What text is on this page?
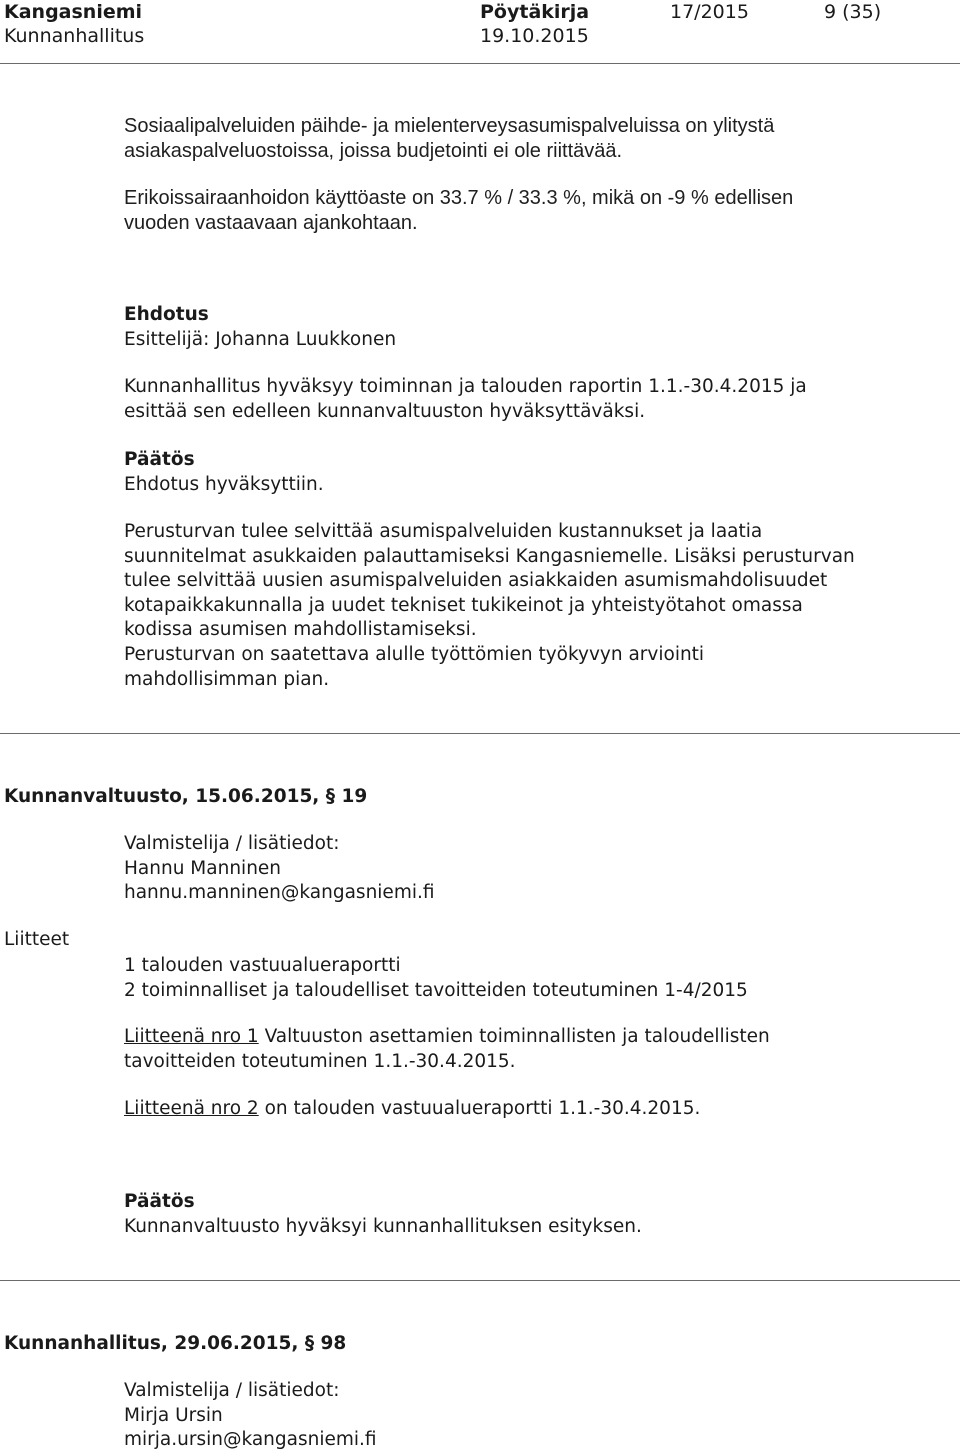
Kangasniemi	Pöytäkirja	17/2015	9 (35)
Kunnanhallitus	19.10.2015
Sosiaalipalveluiden päihde- ja mielenterveysasumispalveluissa on ylitystä
asiakaspalveluostoissa, joissa budjetointi ei ole riittävää.
Erikoissairaanhoidon käyttöaste on 33.7 % / 33.3 %, mikä on -9 % edellisen
vuoden vastaavaan ajankohtaan.
Ehdotus
Esittelijä: Johanna Luukkonen
Kunnanhallitus hyväksyy toiminnan ja talouden raportin 1.1.-30.4.2015 ja
esittää sen edelleen kunnanvaltuuston hyväksyttäväksi.
Päätös
Ehdotus hyväksyttiin.
Perusturvan tulee selvittää asumispalveluiden kustannukset ja laatia
suunnitelmat asukkaiden palauttamiseksi Kangasniemelle. Lisäksi perusturvan
tulee selvittää uusien asumispalveluiden asiakkaiden asumismahdolisuudet
kotapaikkakunnalla ja uudet tekniset tukikeinot ja yhteistyötahot omassa
kodissa asumisen mahdollistamiseksi.
Perusturvan on saatettava alulle työttömien työkyvyn arviointi
mahdollisimman pian.
Kunnanvaltuusto, 15.06.2015, § 19
Valmistelija / lisätiedot:
Hannu Manninen
hannu.manninen@kangasniemi.fi
Liitteet
1 talouden vastuualueraportti
2 toiminnalliset ja taloudelliset tavoitteiden toteutuminen 1-4/2015
Liitteenä nro 1 Valtuuston asettamien toiminnallisten ja taloudellisten
tavoitteiden toteutuminen 1.1.-30.4.2015.
Liitteenä nro 2 on talouden vastuualueraportti 1.1.-30.4.2015.
Päätös
Kunnanvaltuusto hyväksyi kunnanhallituksen esityksen.
Kunnanhallitus, 29.06.2015, § 98
Valmistelija / lisätiedot:
Mirja Ursin
mirja.ursin@kangasniemi.fi
